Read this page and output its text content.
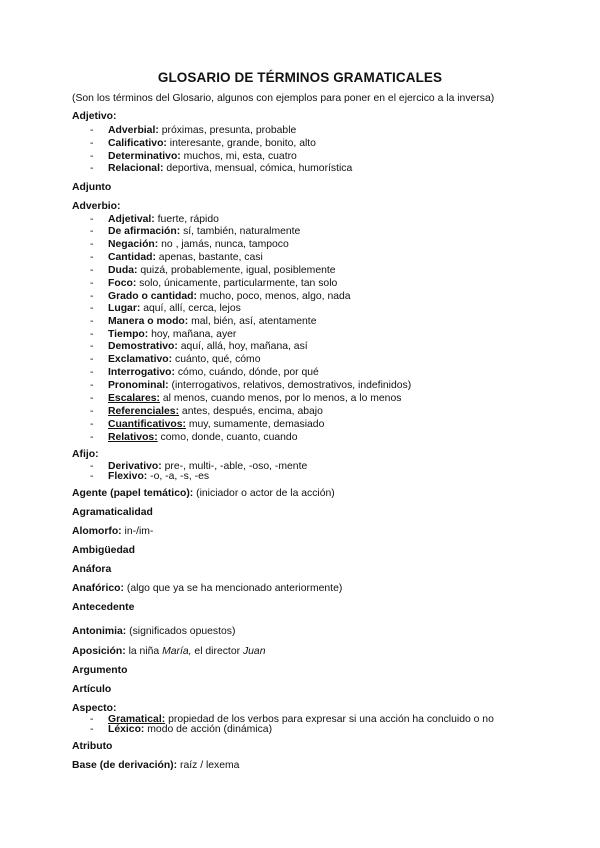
GLOSARIO DE TÉRMINOS GRAMATICALES
(Son los términos del Glosario, algunos con ejemplos para poner en el ejercico a la inversa)
Adjetivo:
- Adverbial: próximas, presunta, probable
- Calificativo: interesante, grande, bonito, alto
- Determinativo: muchos, mi, esta, cuatro
- Relacional: deportiva, mensual, cómica, humorística
Adjunto
Adverbio:
- Adjetival: fuerte, rápido
- De afirmación: sí, también, naturalmente
- Negación: no , jamás, nunca, tampoco
- Cantidad: apenas, bastante, casi
- Duda: quizá, probablemente, igual, posiblemente
- Foco: solo, únicamente, particularmente, tan solo
- Grado o cantidad: mucho, poco, menos, algo, nada
- Lugar: aquí, allí, cerca, lejos
- Manera o modo: mal, bién, así, atentamente
- Tiempo: hoy, mañana, ayer
- Demostrativo: aquí, allá, hoy, mañana, así
- Exclamativo: cuánto, qué, cómo
- Interrogativo: cómo, cuándo, dónde, por qué
- Pronominal: (interrogativos, relativos, demostrativos, indefinidos)
- Escalares: al menos, cuando menos, por lo menos, a lo menos
- Referenciales: antes, después, encima, abajo
- Cuantificativos: muy, sumamente, demasiado
- Relativos: como, donde, cuanto, cuando
Afijo:
- Derivativo: pre-, multi-, -able, -oso, -mente
- Flexivo: -o, -a, -s, -es
Agente (papel temático): (iniciador o actor de la acción)
Agramaticalidad
Alomorfo: in-/im-
Ambigüedad
Anáfora
Anafórico: (algo que ya se ha mencionado anteriormente)
Antecedente
Antonimia: (significados opuestos)
Aposición: la niña María, el director Juan
Argumento
Artículo
Aspecto:
- Gramatical: propiedad de los verbos para expresar si una acción ha concluido o no
- Léxico: modo de acción (dinámica)
Atributo
Base (de derivación): raíz / lexema
